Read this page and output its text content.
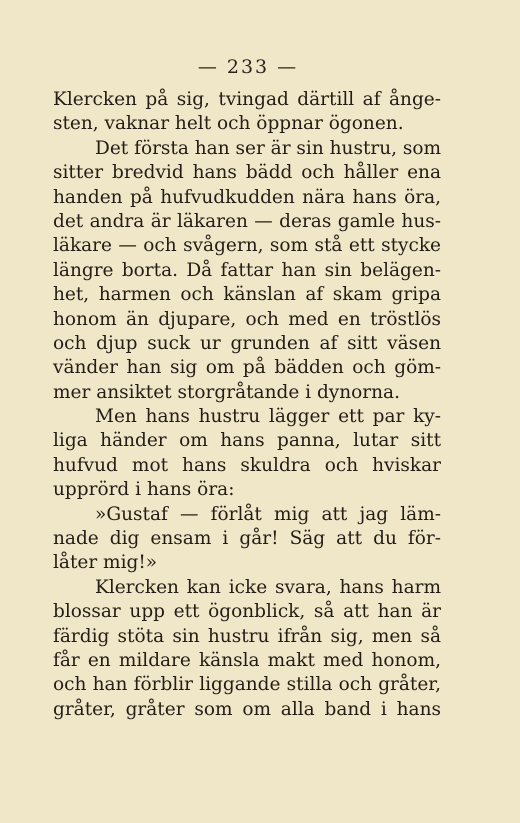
— 233 —
Klercken på sig, tvingad därtill af ånge-
sten, vaknar helt och öppnar ögonen.
Det första han ser är sin hustru, som
sitter bredvid hans bädd och håller ena
handen på hufvudkudden nära hans öra,
det andra är läkaren — deras gamle hus-
läkare — och svågern, som stå ett stycke
längre borta. Då fattar han sin belägen-
het, harmen och känslan af skam gripa
honom än djupare, och med en tröstlös
och djup suck ur grunden af sitt väsen
vänder han sig om på bädden och göm-
mer ansiktet storgråtande i dynorna.
Men hans hustru lägger ett par ky-
liga händer om hans panna, lutar sitt
hufvud mot hans skuldra och hviskar
upprörd i hans öra:
»Gustaf — förlåt mig att jag läm-
nade dig ensam i går! Säg att du för-
låter mig!»
Klercken kan icke svara, hans harm
blossar upp ett ögonblick, så att han är
färdig stöta sin hustru ifrån sig, men så
får en mildare känsla makt med honom,
och han förblir liggande stilla och gråter,
gråter, gråter som om alla band i hans
